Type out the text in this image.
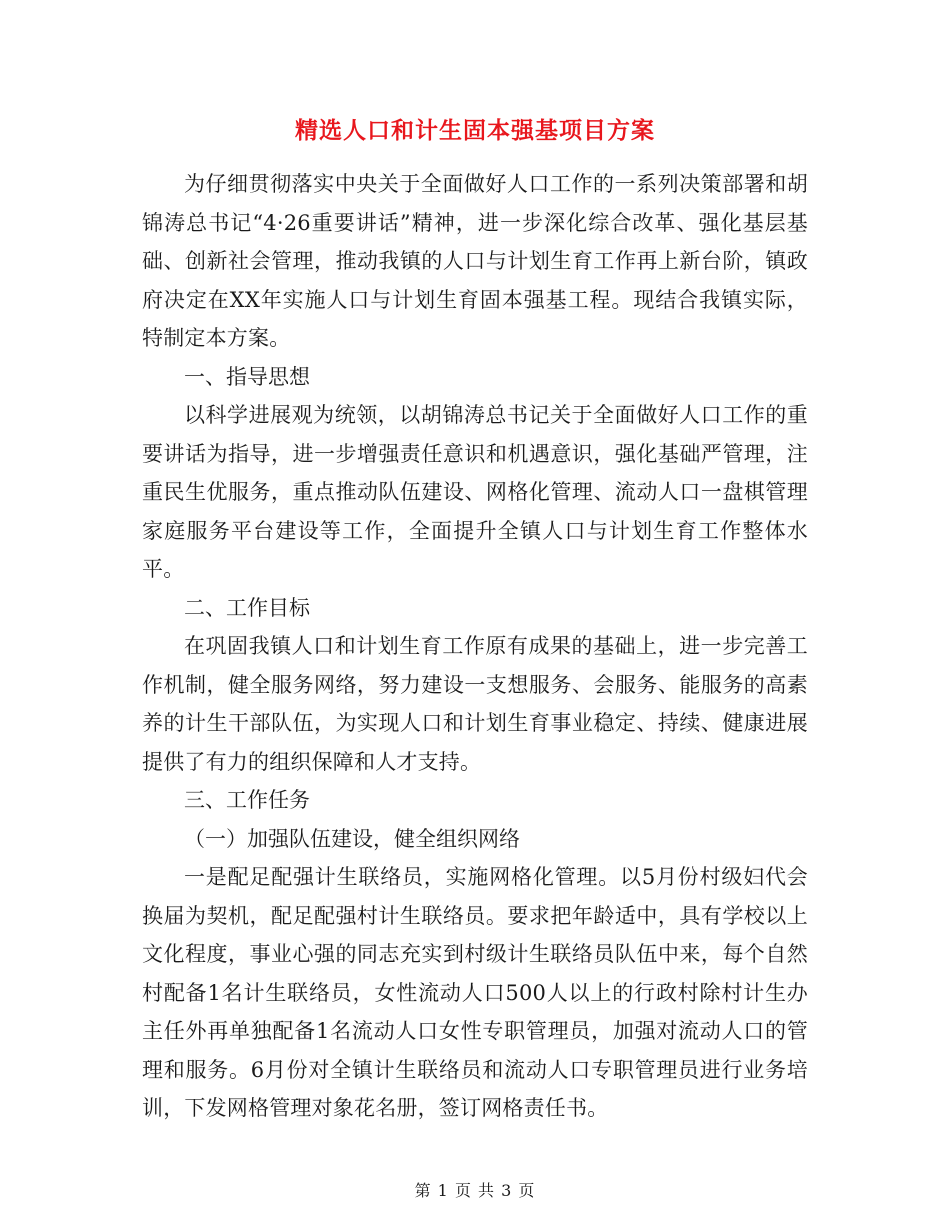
精选人口和计生固本强基项目方案

为仔细贯彻落实中央关于全面做好人口工作的一系列决策部署和胡锦涛总书记“4·26重要讲话”精神，进一步深化综合改革、强化基层基础、创新社会管理，推动我镇的人口与计划生育工作再上新台阶，镇政府决定在XX年实施人口与计划生育固本强基工程。现结合我镇实际，特制定本方案。

一、指导思想

以科学进展观为统领，以胡锦涛总书记关于全面做好人口工作的重要讲话为指导，进一步增强责任意识和机遇意识，强化基础严管理，注重民生优服务，重点推动队伍建设、网格化管理、流动人口一盘棋管理家庭服务平台建设等工作，全面提升全镇人口与计划生育工作整体水平。

二、工作目标

在巩固我镇人口和计划生育工作原有成果的基础上，进一步完善工作机制，健全服务网络，努力建设一支想服务、会服务、能服务的高素养的计生干部队伍，为实现人口和计划生育事业稳定、持续、健康进展提供了有力的组织保障和人才支持。

三、工作任务

（一）加强队伍建设，健全组织网络

一是配足配强计生联络员，实施网格化管理。以5月份村级妇代会换届为契机，配足配强村计生联络员。要求把年龄适中，具有学校以上文化程度，事业心强的同志充实到村级计生联络员队伍中来，每个自然村配备1名计生联络员，女性流动人口500人以上的行政村除村计生办主任外再单独配备1名流动人口女性专职管理员，加强对流动人口的管理和服务。6月份对全镇计生联络员和流动人口专职管理员进行业务培训，下发网格管理对象花名册，签订网格责任书。

第 1 页 共 3 页
